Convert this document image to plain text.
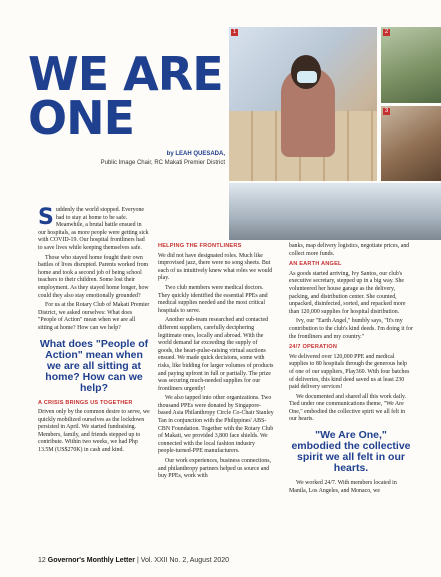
WE ARE
ONE
by LEAH QUESADA,
Public Image Chair, RC Makati Premier District
1	2
3

Suddenly the world stopped. Everyone had to stay at home to be safe. Meanwhile, a brutal battle ensued in our hospitals, as more people were getting sick with COVID-19. Our hospital frontliners had to save lives while keeping themselves safe.

Those who stayed home fought their own battles of lives disrupted. Parents worked from home and took a second job of being school teachers to their children. Some lost their employment. As they stayed home longer, how could they also stay emotionally grounded?

For us at the Rotary Club of Makati Premier District, we asked ourselves: What does "People of Action" mean when we are all sitting at home? How can we help?

What does "People of Action" mean when we are all sitting at home? How can we help?
A CRISIS BRINGS US TOGETHER

Driven only by the common desire to serve, we quickly mobilized ourselves as the lockdown persisted in April. We started fundraising. Members, family, and friends stepped up to contribute. Within two weeks, we had Php 13.5M (US$270K) in cash and kind.

HELPING THE FRONTLINERS

We did not have designated roles. Much like improvised jazz, there were no song sheets. But each of us intuitively knew what roles we would play.

Two club members were medical doctors. They quickly identified the essential PPEs and medical supplies needed and the most critical hospitals to serve.

Another sub-team researched and contacted different suppliers, carefully deciphering legitimate ones, locally and abroad. With the world demand far exceeding the supply of goods, the heart-pulse-raising virtual auctions ensued. We made quick decisions, some with risks, like bidding for larger volumes of products and paying upfront in full or partially. The prize was securing much-needed supplies for our frontliners urgently!

We also tapped into other organizations. Two thousand PPEs were donated by Singapore-based Asia Philanthropy Circle Co-Chair Stanley Tan in conjunction with the Philippines' ABS-CBN Foundation. Together with the Rotary Club of Makati, we provided 3,800 face shields. We connected with the local fashion industry people-turned-PPE manufacturers.

Our work experiences, business connections, and philanthropy partners helped us source and buy PPEs, work with

banks, map delivery logistics, negotiate prices, and collect more funds.

AN EARTH ANGEL

As goods started arriving, Ivy Santos, our club's executive secretary, stepped up in a big way. She volunteered her house garage as the delivery, packing, and distribution center. She counted, unpacked, disinfected, sorted, and repacked more than 120,000 supplies for hospital distribution.

Ivy, our "Earth Angel," humbly says, "It's my contribution to the club's kind deeds. I'm doing it for the frontliners and my country."

24/7 OPERATION

We delivered over 120,000 PPE and medical supplies to 80 hospitals through the generous help of one of our suppliers, Play360. With four batches of deliveries, this kind deed saved us at least 230 paid delivery services!

We documented and shared all this work daily. Tied under one communications theme, "We Are One," embodied the collective spirit we all felt in our hearts.

"We Are One," embodied the collective spirit we all felt in our hearts.

We worked 24/7. With members located in Manila, Los Angeles, and Monaco, we

12 Governor's Monthly Letter | Vol. XXII No. 2, August 2020
